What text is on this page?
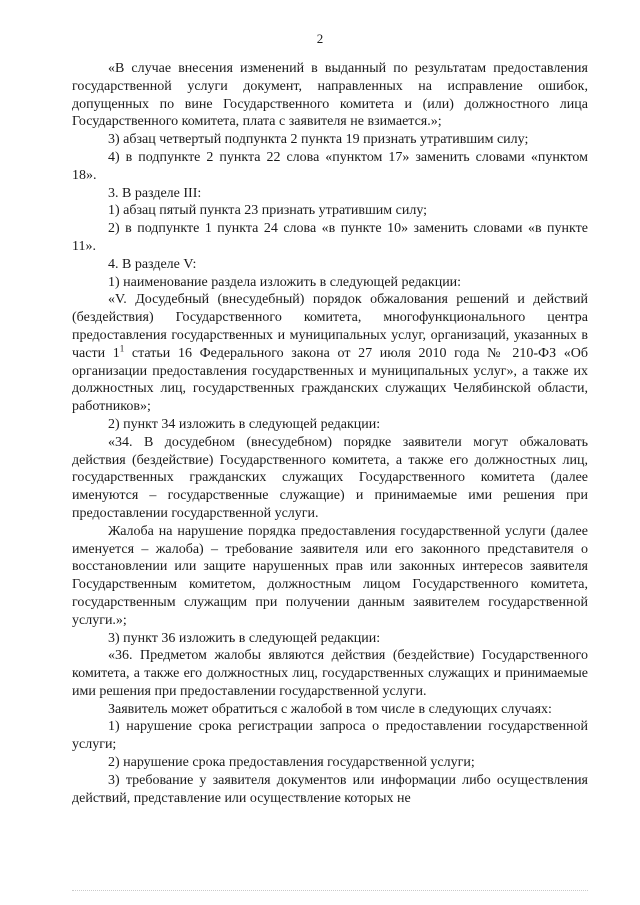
2

«В случае внесения изменений в выданный по результатам предоставления государственной услуги документ, направленных на исправление ошибок, допущенных по вине Государственного комитета и (или) должностного лица Государственного комитета, плата с заявителя не взимается.»;

3) абзац четвертый подпункта 2 пункта 19 признать утратившим силу;

4) в подпункте 2 пункта 22 слова «пунктом 17» заменить словами «пунктом 18».

3. В разделе III:

1) абзац пятый пункта 23 признать утратившим силу;

2) в подпункте 1 пункта 24 слова «в пункте 10» заменить словами «в пункте 11».

4. В разделе V:

1) наименование раздела изложить в следующей редакции:

«V. Досудебный (внесудебный) порядок обжалования решений и действий (бездействия) Государственного комитета, многофункционального центра предоставления государственных и муниципальных услуг, организаций, указанных в части $1^1$ статьи 16 Федерального закона от 27 июля 2010 года № 210-ФЗ «Об организации предоставления государственных и муниципальных услуг», а также их должностных лиц, государственных гражданских служащих Челябинской области, работников»;

2) пункт 34 изложить в следующей редакции:

«34. В досудебном (внесудебном) порядке заявители могут обжаловать действия (бездействие) Государственного комитета, а также его должностных лиц, государственных гражданских служащих Государственного комитета (далее именуются – государственные служащие) и принимаемые ими решения при предоставлении государственной услуги.

Жалоба на нарушение порядка предоставления государственной услуги (далее именуется – жалоба) – требование заявителя или его законного представителя о восстановлении или защите нарушенных прав или законных интересов заявителя Государственным комитетом, должностным лицом Государственного комитета, государственным служащим при получении данным заявителем государственной услуги.»;

3) пункт 36 изложить в следующей редакции:

«36. Предметом жалобы являются действия (бездействие) Государственного комитета, а также его должностных лиц, государственных служащих и принимаемые ими решения при предоставлении государственной услуги.

Заявитель может обратиться с жалобой в том числе в следующих случаях:

1) нарушение срока регистрации запроса о предоставлении государственной услуги;

2) нарушение срока предоставления государственной услуги;

3) требование у заявителя документов или информации либо осуществления действий, представление или осуществление которых не
